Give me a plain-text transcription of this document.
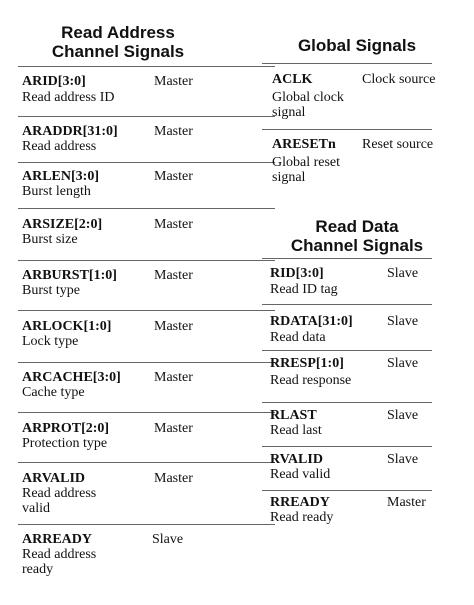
Read Address
Channel Signals
ARID[3:0]	Master
Read address ID
ARADDR[31:0]	Master
Read address
ARLEN[3:0]	Master
Burst length
ARSIZE[2:0]	Master
Burst size
ARBURST[1:0]	Master
Burst type
ARLOCK[1:0]	Master
Lock type
ARCACHE[3:0] Master
Cache type
ARPROT[2:0]	Master
Protection type
ARVALID	Master
Read address
valid
ARREADY	Slave
Read address
ready
Global Signals
ACLK	Clock source
Global clock
signal
ARESETn Reset source
Global reset
signal
Read Data
Channel Signals
RID[3:0]	Slave
Read ID tag
RDATA[31:0] Slave
Read data
RRESP[1:0]	Slave
Read response
RLAST	Slave
Read last
RVALID	Slave
Read valid
RREADY	Master
Read ready
